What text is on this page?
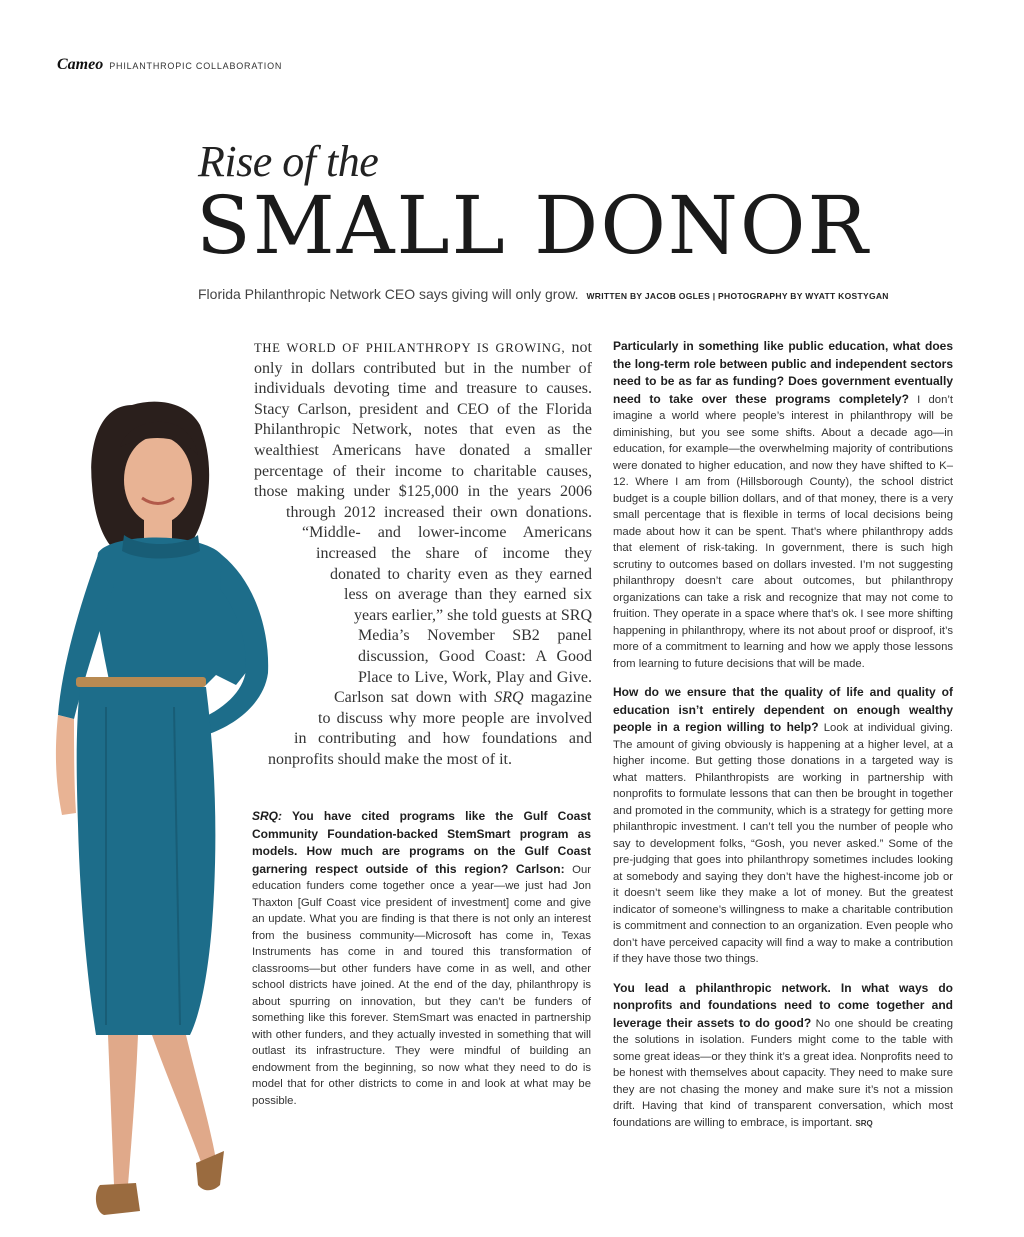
Cameo PHILANTHROPIC COLLABORATION
Rise of the
SMALL DONOR
Florida Philanthropic Network CEO says giving will only grow. WRITTEN BY JACOB OGLES | PHOTOGRAPHY BY WYATT KOSTYGAN
THE WORLD OF PHILANTHROPY IS GROWING, not only in dollars contributed but in the number of individuals devoting time and treasure to causes. Stacy Carlson, president and CEO of the Florida Philanthropic Network, notes that even as the wealthiest Americans have donated a smaller percentage of their income to charitable causes, those making under $125,000 in the years 2006 through 2012 increased their own donations. “Middle- and lower-income Americans increased the share of income they donated to charity even as they earned less on average than they earned six years earlier,” she told guests at SRQ Media’s November SB2 panel discussion, Good Coast: A Good Place to Live, Work, Play and Give. Carlson sat down with SRQ magazine to discuss why more people are involved in contributing and how foundations and nonprofits should make the most of it.

SRQ: You have cited programs like the Gulf Coast Community Foundation-backed StemSmart program as models. How much are programs on the Gulf Coast garnering respect outside of this region? Carlson: Our education funders come together once a year—we just had Jon Thaxton [Gulf Coast vice president of investment] come and give an update. What you are finding is that there is not only an interest from the business community—Microsoft has come in, Texas Instruments has come in and toured this transformation of classrooms—but other funders have come in as well, and other school districts have joined. At the end of the day, philanthropy is about spurring on innovation, but they can’t be funders of something like this forever. StemSmart was enacted in partnership with other funders, and they actually invested in something that will outlast its infrastructure. They were mindful of building an endowment from the beginning, so now what they need to do is model that for other districts to come in and look at what may be possible.

Particularly in something like public education, what does the long-term role between public and independent sectors need to be as far as funding? Does government eventually need to take over these programs completely? I don’t imagine a world where people’s interest in philanthropy will be diminishing, but you see some shifts. About a decade ago—in education, for example—the overwhelming majority of contributions were donated to higher education, and now they have shifted to K–12. Where I am from (Hillsborough County), the school district budget is a couple billion dollars, and of that money, there is a very small percentage that is flexible in terms of local decisions being made about how it can be spent. That’s where philanthropy adds that element of risk-taking. In government, there is such high scrutiny to outcomes based on dollars invested. I’m not suggesting philanthropy doesn’t care about outcomes, but philanthropy organizations can take a risk and recognize that may not come to fruition. They operate in a space where that’s ok. I see more shifting happening in philanthropy, where its not about proof or disproof, it’s more of a commitment to learning and how we apply those lessons from learning to future decisions that will be made.

How do we ensure that the quality of life and quality of education isn’t entirely dependent on enough wealthy people in a region willing to help? Look at individual giving. The amount of giving obviously is happening at a higher level, at a higher income. But getting those donations in a targeted way is what matters. Philanthropists are working in partnership with nonprofits to formulate lessons that can then be brought in together and promoted in the community, which is a strategy for getting more philanthropic investment. I can’t tell you the number of people who say to development folks, “Gosh, you never asked.” Some of the pre-judging that goes into philanthropy sometimes includes looking at somebody and saying they don’t have the highest-income job or it doesn’t seem like they make a lot of money. But the greatest indicator of someone’s willingness to make a charitable contribution is commitment and connection to an organization. Even people who don’t have perceived capacity will find a way to make a contribution if they have those two things.

You lead a philanthropic network. In what ways do nonprofits and foundations need to come together and leverage their assets to do good? No one should be creating the solutions in isolation. Funders might come to the table with some great ideas—or they think it’s a great idea. Nonprofits need to be honest with themselves about capacity. They need to make sure they are not chasing the money and make sure it’s not a mission drift. Having that kind of transparent conversation, which most foundations are willing to embrace, is important. SRQ
